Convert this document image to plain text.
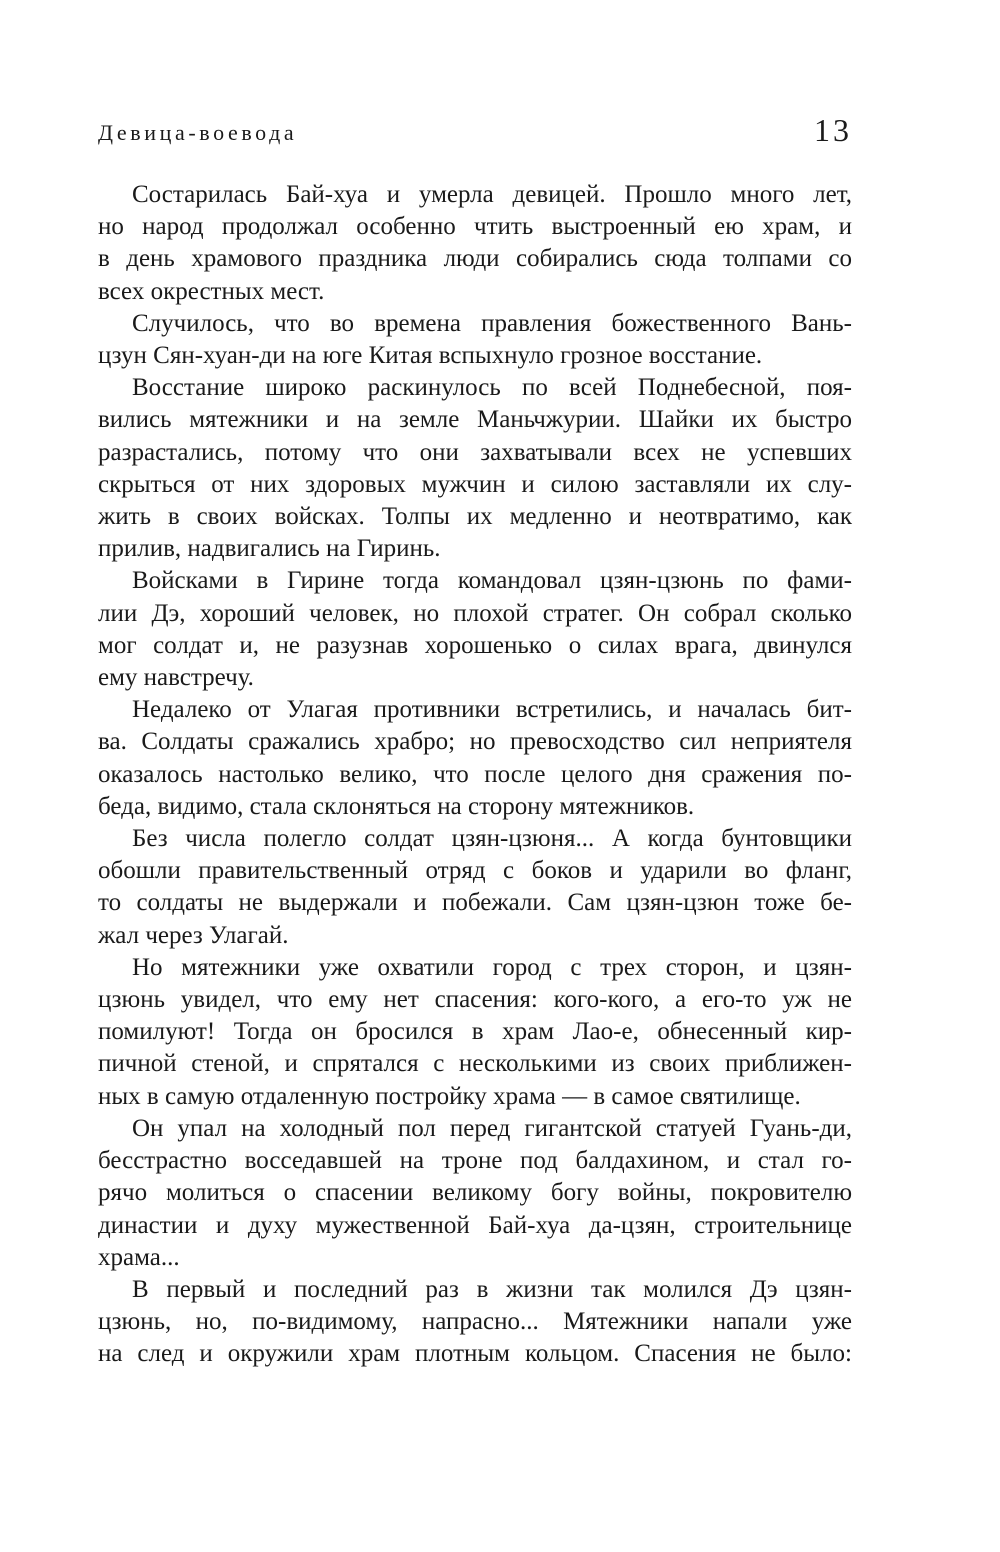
Девица-воевода	13

Состарилась Бай-хуа и умерла девицей. Прошло много лет,
но народ продолжал особенно чтить выстроенный ею храм, и
в день храмового праздника люди собирались сюда толпами со
всех окрестных мест.

Случилось, что во времена правления божественного Вань-
цзун Сян-хуан-ди на юге Китая вспыхнуло грозное восстание.

Восстание широко раскинулось по всей Поднебесной, поя-
вились мятежники и на земле Маньчжурии. Шайки их быстро
разрастались, потому что они захватывали всех не успевших
скрыться от них здоровых мужчин и силою заставляли их слу-
жить в своих войсках. Толпы их медленно и неотвратимо, как
прилив, надвигались на Гиринь.

Войсками в Гирине тогда командовал цзян-цзюнь по фами-
лии Дэ, хороший человек, но плохой стратег. Он собрал сколько
мог солдат и, не разузнав хорошенько о силах врага, двинулся
ему навстречу.

Недалеко от Улагая противники встретились, и началась бит-
ва. Солдаты сражались храбро; но превосходство сил неприятеля
оказалось настолько велико, что после целого дня сражения по-
беда, видимо, стала склоняться на сторону мятежников.

Без числа полегло солдат цзян-цзюня... А когда бунтовщики
обошли правительственный отряд с боков и ударили во фланг,
то солдаты не выдержали и побежали. Сам цзян-цзюн тоже бе-
жал через Улагай.

Но мятежники уже охватили город с трех сторон, и цзян-
цзюнь увидел, что ему нет спасения: кого-кого, а его-то уж не
помилуют! Тогда он бросился в храм Лао-е, обнесенный кир-
пичной стеной, и спрятался с несколькими из своих приближен-
ных в самую отдаленную постройку храма — в самое святилище.

Он упал на холодный пол перед гигантской статуей Гуань-ди,
бесстрастно восседавшей на троне под балдахином, и стал го-
рячо молиться о спасении великому богу войны, покровителю
династии и духу мужественной Бай-хуа да-цзян, строительнице
храма...

В первый и последний раз в жизни так молился Дэ цзян-
цзюнь, но, по-видимому, напрасно... Мятежники напали уже
на след и окружили храм плотным кольцом. Спасения не было:
